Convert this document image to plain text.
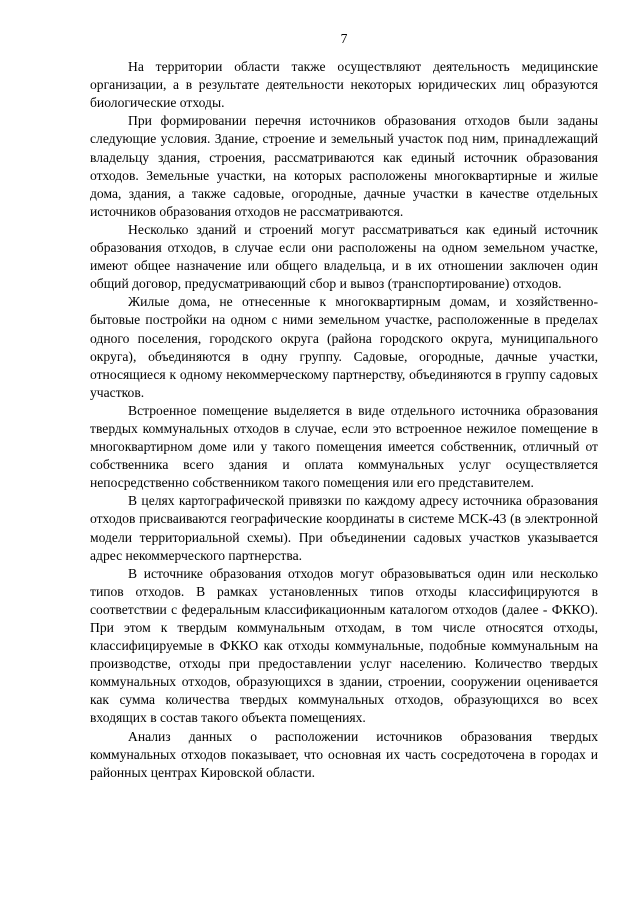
7

На территории области также осуществляют деятельность медицинские организации, а в результате деятельности некоторых юридических лиц образуются биологические отходы.

При формировании перечня источников образования отходов были заданы следующие условия. Здание, строение и земельный участок под ним, принадлежащий владельцу здания, строения, рассматриваются как единый источник образования отходов. Земельные участки, на которых расположены многоквартирные и жилые дома, здания, а также садовые, огородные, дачные участки в качестве отдельных источников образования отходов не рассматриваются.

Несколько зданий и строений могут рассматриваться как единый источник образования отходов, в случае если они расположены на одном земельном участке, имеют общее назначение или общего владельца, и в их отношении заключен один общий договор, предусматривающий сбор и вывоз (транспортирование) отходов.

Жилые дома, не отнесенные к многоквартирным домам, и хозяйственно-бытовые постройки на одном с ними земельном участке, расположенные в пределах одного поселения, городского округа (района городского округа, муниципального округа), объединяются в одну группу. Садовые, огородные, дачные участки, относящиеся к одному некоммерческому партнерству, объединяются в группу садовых участков.

Встроенное помещение выделяется в виде отдельного источника образования твердых коммунальных отходов в случае, если это встроенное нежилое помещение в многоквартирном доме или у такого помещения имеется собственник, отличный от собственника всего здания и оплата коммунальных услуг осуществляется непосредственно собственником такого помещения или его представителем.

В целях картографической привязки по каждому адресу источника образования отходов присваиваются географические координаты в системе МСК-43 (в электронной модели территориальной схемы). При объединении садовых участков указывается адрес некоммерческого партнерства.

В источнике образования отходов могут образовываться один или несколько типов отходов. В рамках установленных типов отходы классифицируются в соответствии с федеральным классификационным каталогом отходов (далее - ФККО). При этом к твердым коммунальным отходам, в том числе относятся отходы, классифицируемые в ФККО как отходы коммунальные, подобные коммунальным на производстве, отходы при предоставлении услуг населению. Количество твердых коммунальных отходов, образующихся в здании, строении, сооружении оценивается как сумма количества твердых коммунальных отходов, образующихся во всех входящих в состав такого объекта помещениях.

Анализ данных о расположении источников образования твердых коммунальных отходов показывает, что основная их часть сосредоточена в городах и районных центрах Кировской области.
